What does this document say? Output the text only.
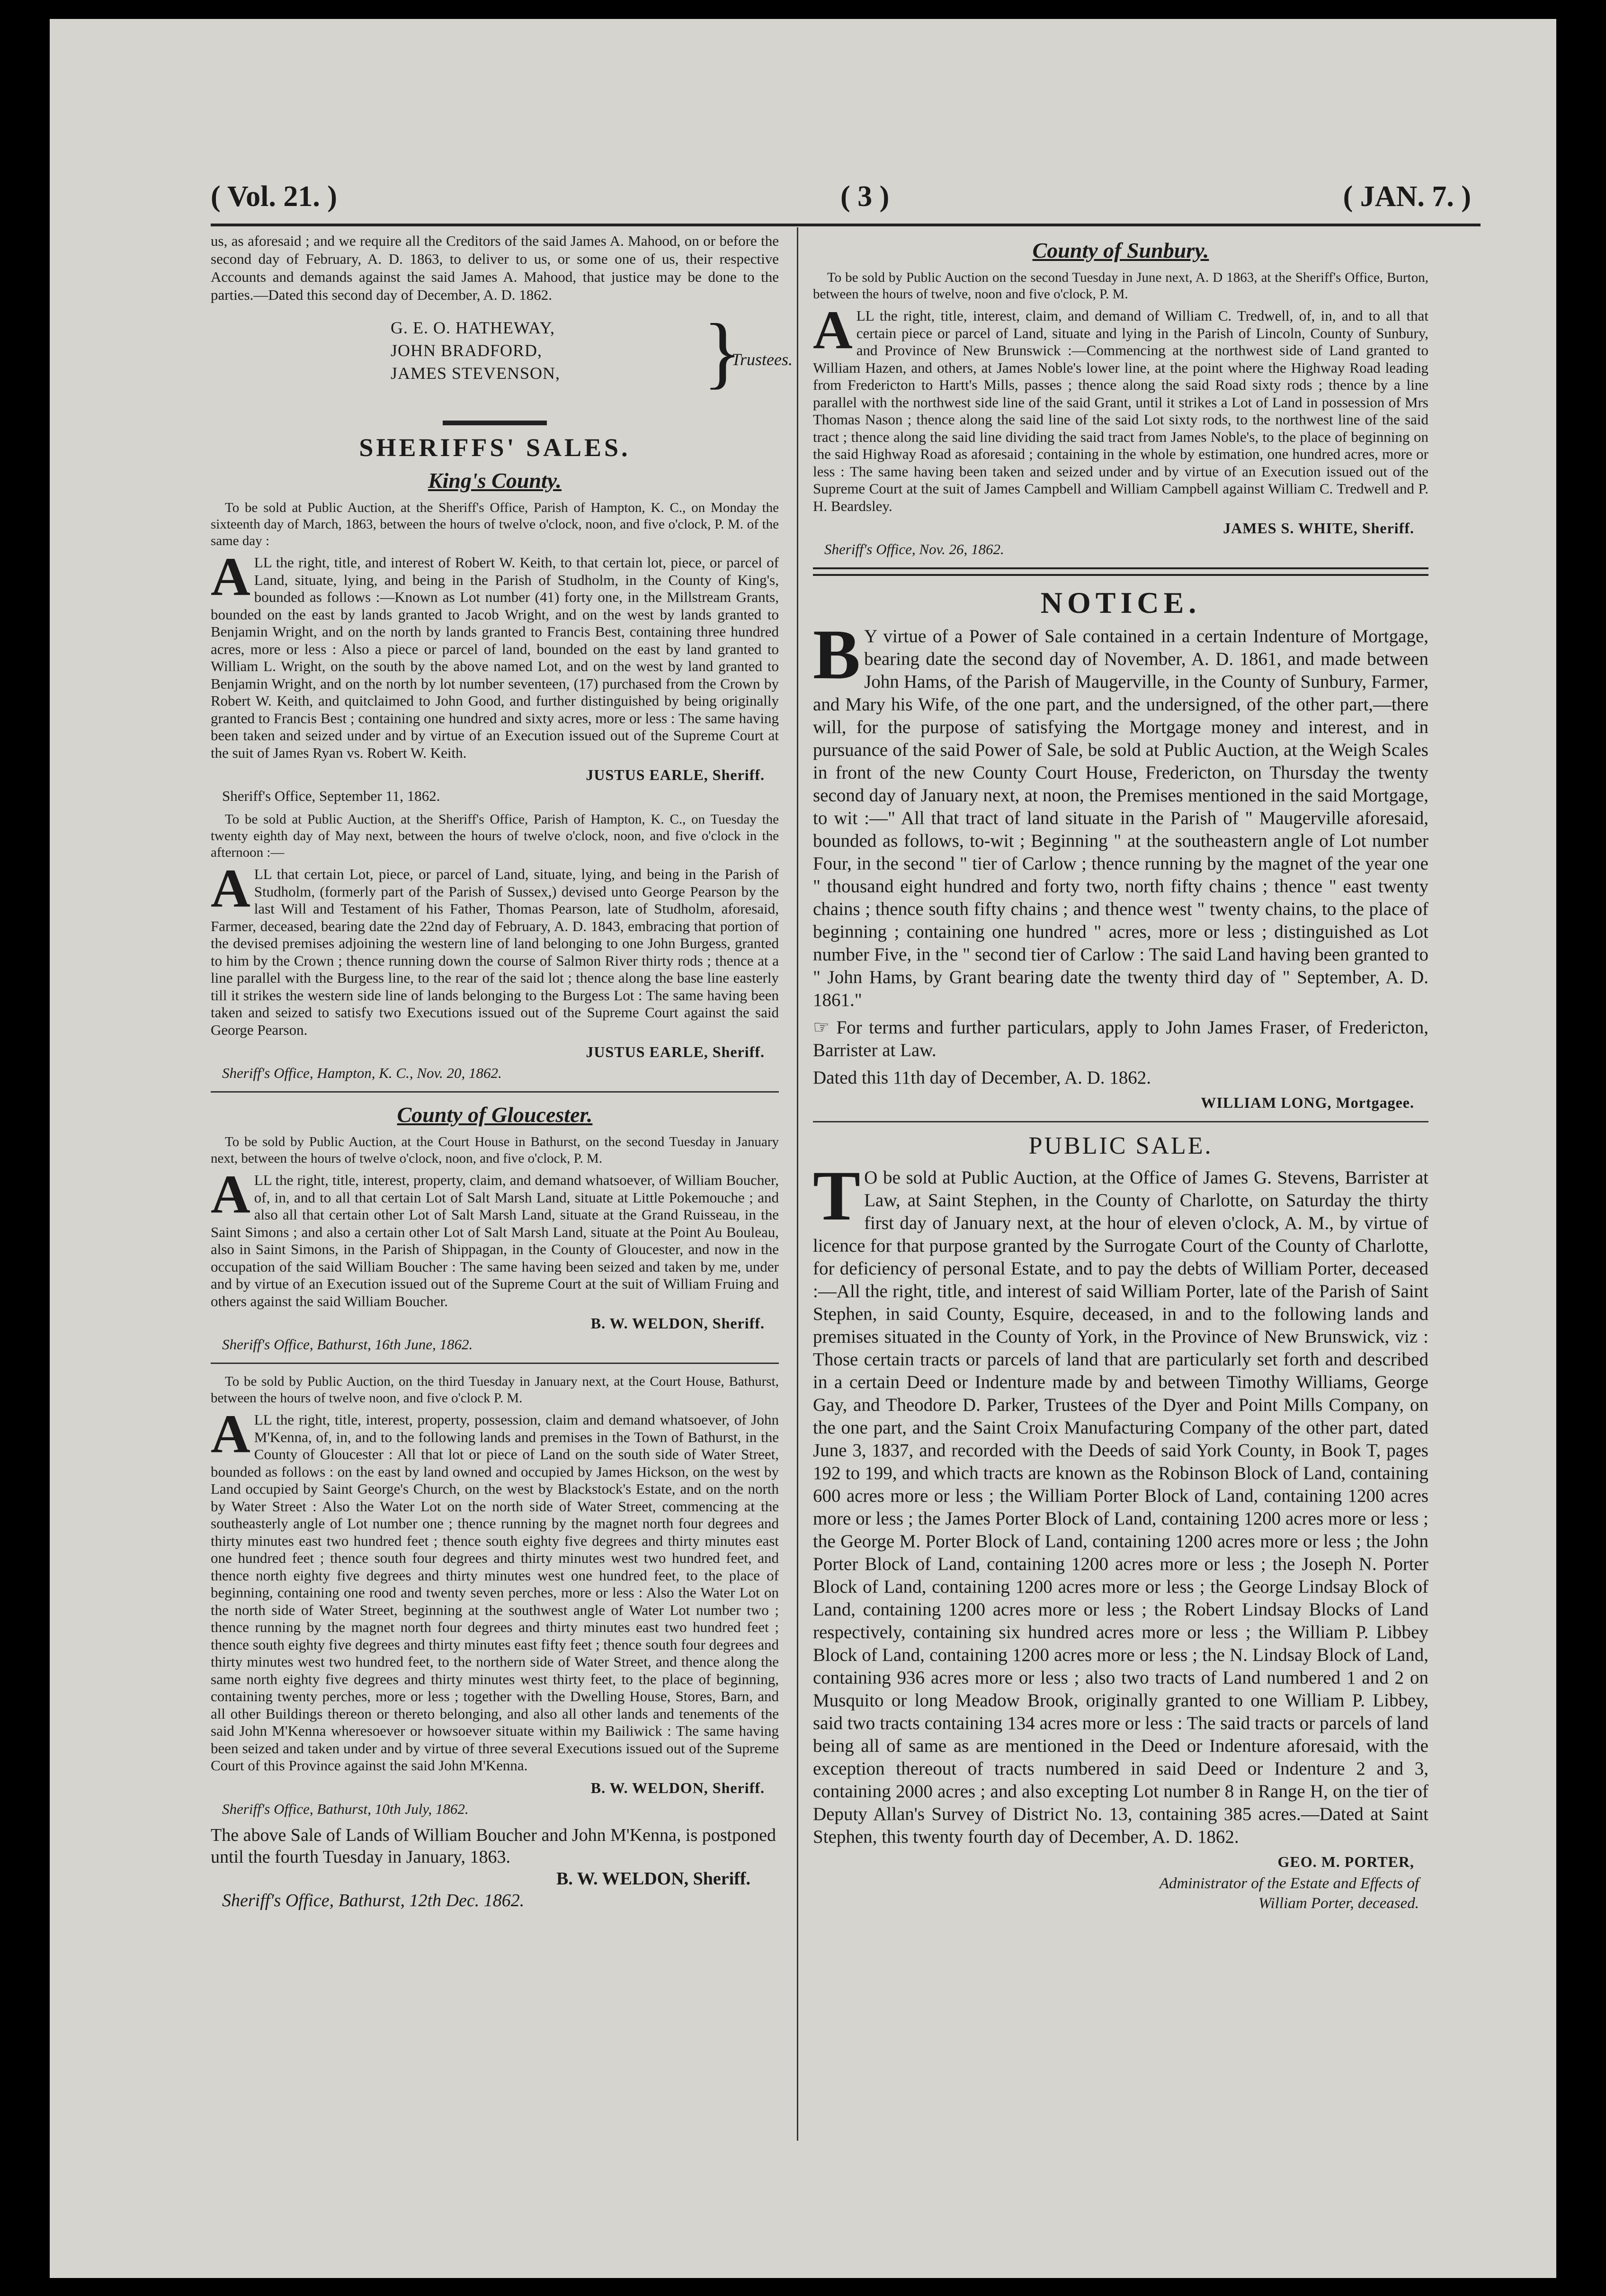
( Vol. 21. )	( 3 )	( JAN. 7. )

us, as aforesaid ; and we require all the Creditors of the said James A. Mahood, on or before the second day of February, A. D. 1863, to deliver to us, or some one of us, their respective Accounts and demands against the said James A. Mahood, that justice may be done to the parties.—Dated this second day of December, A. D. 1862.

G. E. O. HATHEWAY,
JOHN BRADFORD,
JAMES STEVENSON, }
Trustees.
SHERIFFS' SALES.
King's County.

To be sold at Public Auction, at the Sheriff's Office, Parish of Hampton, K. C., on Monday the sixteenth day of March, 1863, between the hours of twelve o'clock, noon, and five o'clock, P. M. of the same day :

ALL the right, title, and interest of Robert W. Keith, to that certain lot, piece, or parcel of Land, situate, lying, and being in the Parish of Studholm, in the County of King's, bounded as follows :—Known as Lot number (41) forty one, in the Millstream Grants, bounded on the east by lands granted to Jacob Wright, and on the west by lands granted to Benjamin Wright, and on the north by lands granted to Francis Best, containing three hundred acres, more or less : Also a piece or parcel of land, bounded on the east by land granted to William L. Wright, on the south by the above named Lot, and on the west by land granted to Benjamin Wright, and on the north by lot number seventeen, (17) purchased from the Crown by Robert W. Keith, and quitclaimed to John Good, and further distinguished by being originally granted to Francis Best ; containing one hundred and sixty acres, more or less : The same having been taken and seized under and by virtue of an Execution issued out of the Supreme Court at the suit of James Ryan vs. Robert W. Keith.

JUSTUS EARLE, Sheriff.
Sheriff's Office, September 11, 1862.

To be sold at Public Auction, at the Sheriff's Office, Parish of Hampton, K. C., on Tuesday the twenty eighth day of May next, between the hours of twelve o'clock, noon, and five o'clock in the afternoon :—

ALL that certain Lot, piece, or parcel of Land, situate, lying, and being in the Parish of Studholm, (formerly part of the Parish of Sussex,) devised unto George Pearson by the last Will and Testament of his Father, Thomas Pearson, late of Studholm, aforesaid, Farmer, deceased, bearing date the 22nd day of February, A. D. 1843, embracing that portion of the devised premises adjoining the western line of land belonging to one John Burgess, granted to him by the Crown ; thence running down the course of Salmon River thirty rods ; thence at a line parallel with the Burgess line, to the rear of the said lot ; thence along the base line easterly till it strikes the western side line of lands belonging to the Burgess Lot : The same having been taken and seized to satisfy two Executions issued out of the Supreme Court against the said George Pearson.

JUSTUS EARLE, Sheriff.
Sheriff's Office, Hampton, K. C., Nov. 20, 1862.
County of Gloucester.

To be sold by Public Auction, at the Court House in Bathurst, on the second Tuesday in January next, between the hours of twelve o'clock, noon, and five o'clock, P. M.

ALL the right, title, interest, property, claim, and demand whatsoever, of William Boucher, of, in, and to all that certain Lot of Salt Marsh Land, situate at Little Pokemouche ; and also all that certain other Lot of Salt Marsh Land, situate at the Grand Ruisseau, in the Saint Simons ; and also a certain other Lot of Salt Marsh Land, situate at the Point Au Bouleau, also in Saint Simons, in the Parish of Shippagan, in the County of Gloucester, and now in the occupation of the said William Boucher : The same having been seized and taken by me, under and by virtue of an Execution issued out of the Supreme Court at the suit of William Fruing and others against the said William Boucher.

B. W. WELDON, Sheriff.
Sheriff's Office, Bathurst, 16th June, 1862.

To be sold by Public Auction, on the third Tuesday in January next, at the Court House, Bathurst, between the hours of twelve noon, and five o'clock P. M.

ALL the right, title, interest, property, possession, claim and demand whatsoever, of John M'Kenna, of, in, and to the following lands and premises in the Town of Bathurst, in the County of Gloucester : All that lot or piece of Land on the south side of Water Street, bounded as follows : on the east by land owned and occupied by James Hickson, on the west by Land occupied by Saint George's Church, on the west by Blackstock's Estate, and on the north by Water Street : Also the Water Lot on the north side of Water Street, commencing at the southeasterly angle of Lot number one ; thence running by the magnet north four degrees and thirty minutes east two hundred feet ; thence south eighty five degrees and thirty minutes east one hundred feet ; thence south four degrees and thirty minutes west two hundred feet, and thence north eighty five degrees and thirty minutes west one hundred feet, to the place of beginning, containing one rood and twenty seven perches, more or less : Also the Water Lot on the north side of Water Street, beginning at the southwest angle of Water Lot number two ; thence running by the magnet north four degrees and thirty minutes east two hundred feet ; thence south eighty five degrees and thirty minutes east fifty feet ; thence south four degrees and thirty minutes west two hundred feet, to the northern side of Water Street, and thence along the same north eighty five degrees and thirty minutes west thirty feet, to the place of beginning, containing twenty perches, more or less ; together with the Dwelling House, Stores, Barn, and all other Buildings thereon or thereto belonging, and also all other lands and tenements of the said John M'Kenna wheresoever or howsoever situate within my Bailiwick : The same having been seized and taken under and by virtue of three several Executions issued out of the Supreme Court of this Province against the said John M'Kenna.

B. W. WELDON, Sheriff.
Sheriff's Office, Bathurst, 10th July, 1862.
The above Sale of Lands of William Boucher and John M'Kenna, is postponed until the fourth Tuesday in January, 1863.
B. W. WELDON, Sheriff.
Sheriff's Office, Bathurst, 12th Dec. 1862.
County of Sunbury.

To be sold by Public Auction on the second Tuesday in June next, A. D 1863, at the Sheriff's Office, Burton, between the hours of twelve, noon and five o'clock, P. M.

ALL the right, title, interest, claim, and demand of William C. Tredwell, of, in, and to all that certain piece or parcel of Land, situate and lying in the Parish of Lincoln, County of Sunbury, and Province of New Brunswick :—Commencing at the northwest side of Land granted to William Hazen, and others, at James Noble's lower line, at the point where the Highway Road leading from Fredericton to Hartt's Mills, passes ; thence along the said Road sixty rods ; thence by a line parallel with the northwest side line of the said Grant, until it strikes a Lot of Land in possession of Mrs Thomas Nason ; thence along the said line of the said Lot sixty rods, to the northwest line of the said tract ; thence along the said line dividing the said tract from James Noble's, to the place of beginning on the said Highway Road as aforesaid ; containing in the whole by estimation, one hundred acres, more or less : The same having been taken and seized under and by virtue of an Execution issued out of the Supreme Court at the suit of James Campbell and William Campbell against William C. Tredwell and P. H. Beardsley.

JAMES S. WHITE, Sheriff.
Sheriff's Office, Nov. 26, 1862.
NOTICE.

BY virtue of a Power of Sale contained in a certain Indenture of Mortgage, bearing date the second day of November, A. D. 1861, and made between John Hams, of the Parish of Maugerville, in the County of Sunbury, Farmer, and Mary his Wife, of the one part, and the undersigned, of the other part,—there will, for the purpose of satisfying the Mortgage money and interest, and in pursuance of the said Power of Sale, be sold at Public Auction, at the Weigh Scales in front of the new County Court House, Fredericton, on Thursday the twenty second day of January next, at noon, the Premises mentioned in the said Mortgage, to wit :—" All that tract of land situate in the Parish of " Maugerville aforesaid, bounded as follows, to-wit ; Beginning " at the southeastern angle of Lot number Four, in the second " tier of Carlow ; thence running by the magnet of the year one " thousand eight hundred and forty two, north fifty chains ; thence " east twenty chains ; thence south fifty chains ; and thence west " twenty chains, to the place of beginning ; containing one hundred " acres, more or less ; distinguished as Lot number Five, in the " second tier of Carlow : The said Land having been granted to " John Hams, by Grant bearing date the twenty third day of " September, A. D. 1861."

☞ For terms and further particulars, apply to John James Fraser, of Fredericton, Barrister at Law.

Dated this 11th day of December, A. D. 1862.

WILLIAM LONG, Mortgagee.
PUBLIC SALE.

TO be sold at Public Auction, at the Office of James G. Stevens, Barrister at Law, at Saint Stephen, in the County of Charlotte, on Saturday the thirty first day of January next, at the hour of eleven o'clock, A. M., by virtue of licence for that purpose granted by the Surrogate Court of the County of Charlotte, for deficiency of personal Estate, and to pay the debts of William Porter, deceased :—All the right, title, and interest of said William Porter, late of the Parish of Saint Stephen, in said County, Esquire, deceased, in and to the following lands and premises situated in the County of York, in the Province of New Brunswick, viz : Those certain tracts or parcels of land that are particularly set forth and described in a certain Deed or Indenture made by and between Timothy Williams, George Gay, and Theodore D. Parker, Trustees of the Dyer and Point Mills Company, on the one part, and the Saint Croix Manufacturing Company of the other part, dated June 3, 1837, and recorded with the Deeds of said York County, in Book T, pages 192 to 199, and which tracts are known as the Robinson Block of Land, containing 600 acres more or less ; the William Porter Block of Land, containing 1200 acres more or less ; the James Porter Block of Land, containing 1200 acres more or less ; the George M. Porter Block of Land, containing 1200 acres more or less ; the John Porter Block of Land, containing 1200 acres more or less ; the Joseph N. Porter Block of Land, containing 1200 acres more or less ; the George Lindsay Block of Land, containing 1200 acres more or less ; the Robert Lindsay Blocks of Land respectively, containing six hundred acres more or less ; the William P. Libbey Block of Land, containing 1200 acres more or less ; the N. Lindsay Block of Land, containing 936 acres more or less ; also two tracts of Land numbered 1 and 2 on Musquito or long Meadow Brook, originally granted to one William P. Libbey, said two tracts containing 134 acres more or less : The said tracts or parcels of land being all of same as are mentioned in the Deed or Indenture aforesaid, with the exception thereout of tracts numbered in said Deed or Indenture 2 and 3, containing 2000 acres ; and also excepting Lot number 8 in Range H, on the tier of Deputy Allan's Survey of District No. 13, containing 385 acres.—Dated at Saint Stephen, this twenty fourth day of December, A. D. 1862.

GEO. M. PORTER,
Administrator of the Estate and Effects of
William Porter, deceased.
